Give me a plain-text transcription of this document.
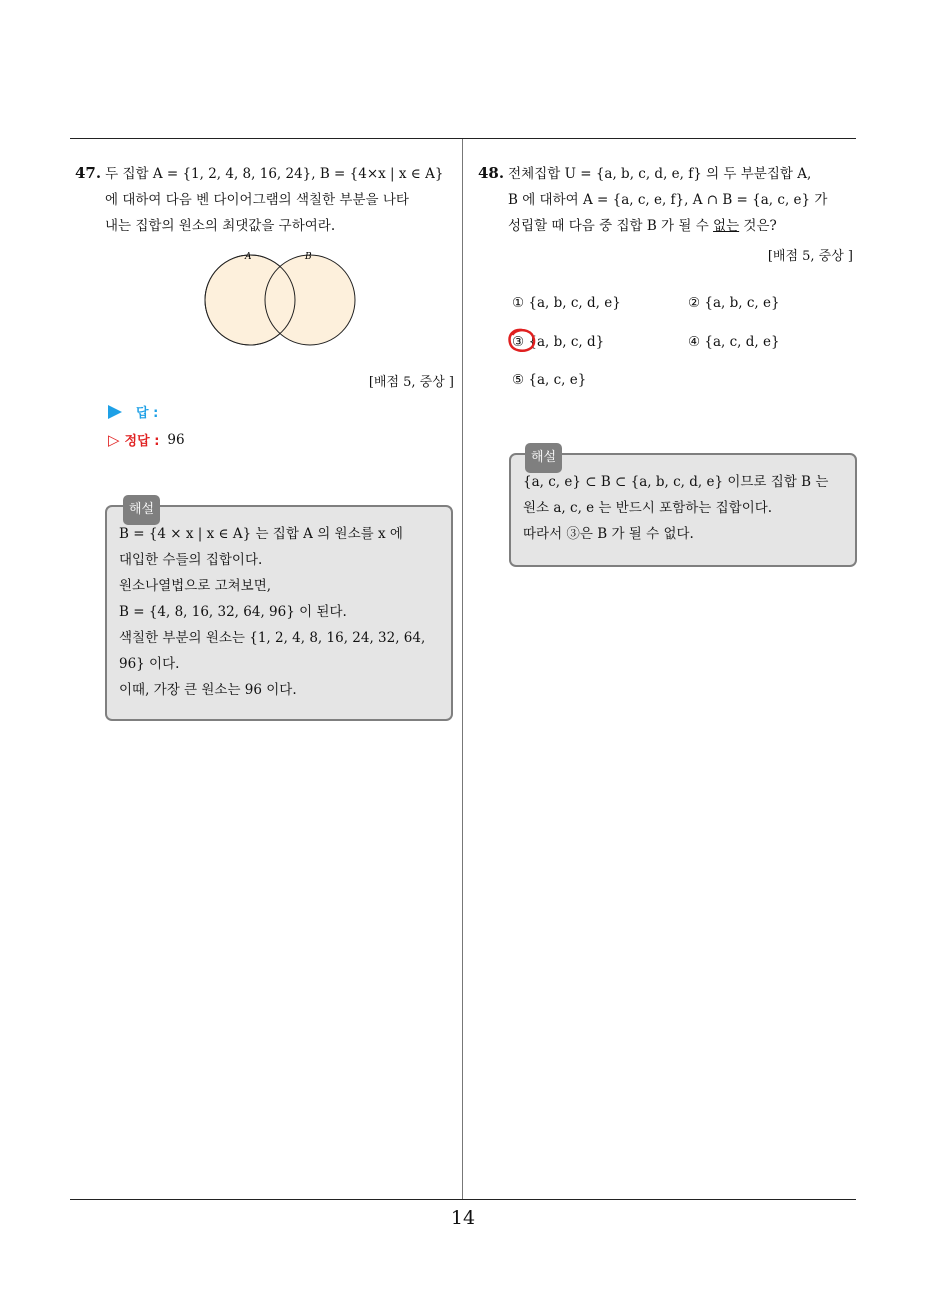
14
47. 두 집합 A = {1, 2, 4, 8, 16, 24}, B = {4×x | x ∈ A}
에 대하여 다음 벤 다이어그램의 색칠한 부분을 나타
내는 집합의 원소의 최댓값을 구하여라.
A	B
[배점 5, 중상 ]
답 :
▷ 정답 : 96
해설
B = {4 × x | x ∈ A} 는 집합 A 의 원소를 x 에
대입한 수들의 집합이다.
원소나열법으로 고쳐보면,
B = {4, 8, 16, 32, 64, 96} 이 된다.
색칠한 부분의 원소는 {1, 2, 4, 8, 16, 24, 32, 64,
96} 이다.
이때, 가장 큰 원소는 96 이다.
48. 전체집합 U = {a, b, c, d, e, f} 의 두 부분집합 A,
B 에 대하여 A = {a, c, e, f}, A ∩ B = {a, c, e} 가
성립할 때 다음 중 집합 B 가 될 수 없는 것은?
[배점 5, 중상 ]
① {a, b, c, d, e}	② {a, b, c, e}
③ {a, b, c, d}	④ {a, c, d, e}
⑤ {a, c, e}
해설
{a, c, e} ⊂ B ⊂ {a, b, c, d, e} 이므로 집합 B 는
원소 a, c, e 는 반드시 포함하는 집합이다.
따라서 ③은 B 가 될 수 없다.
